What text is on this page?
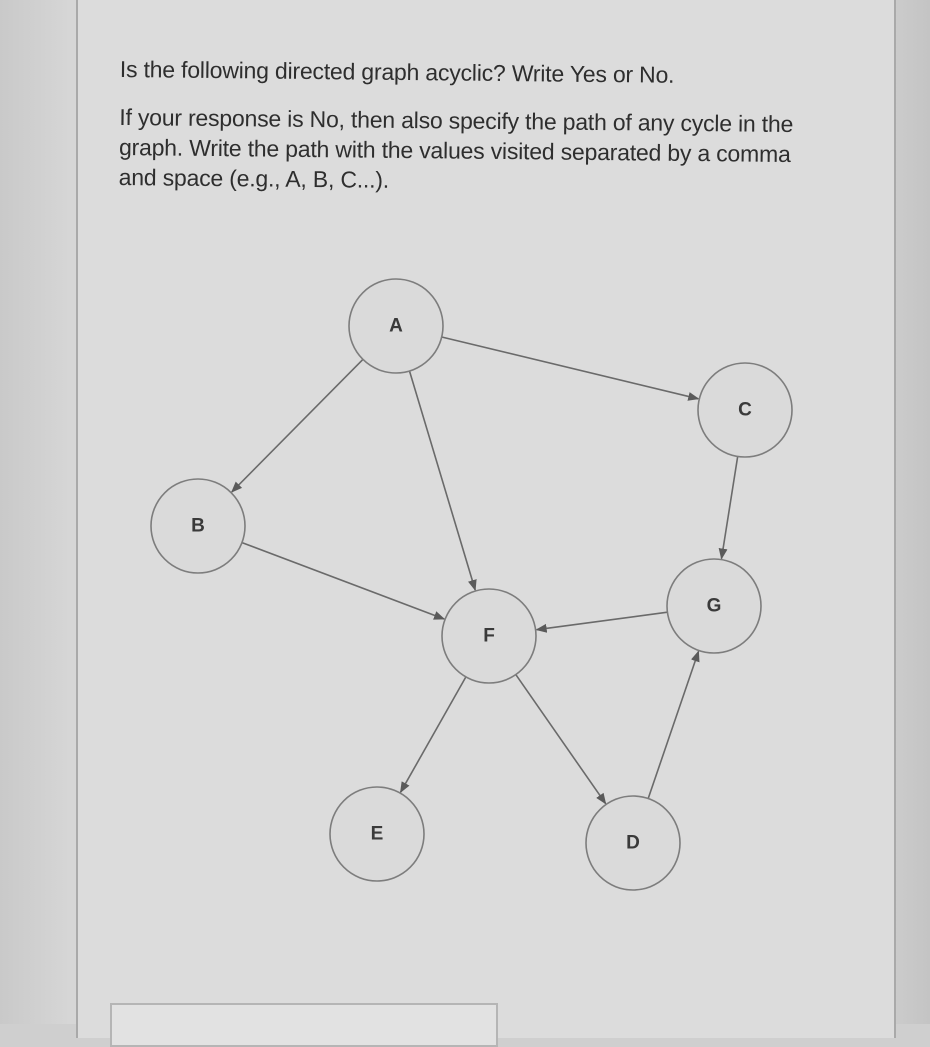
Is the following directed graph acyclic? Write Yes or No.

If your response is No, then also specify the path of any cycle in the graph. Write the path with the values visited separated by a comma and space (e.g., A, B, C...).

A
B
C
G
F
E	D
